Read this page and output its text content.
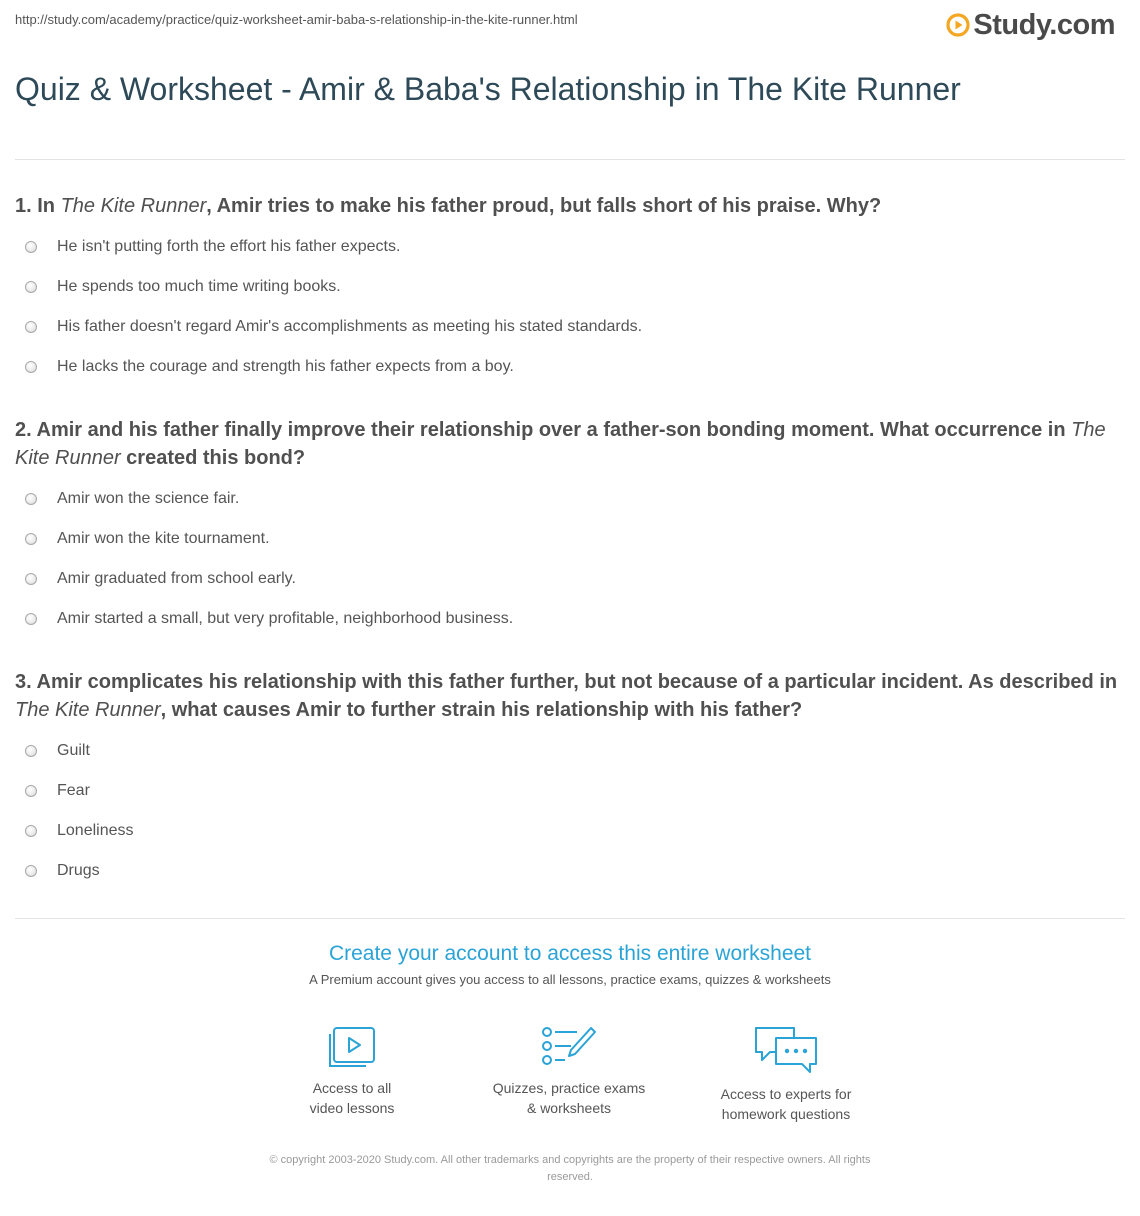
http://study.com/academy/practice/quiz-worksheet-amir-baba-s-relationship-in-the-kite-runner.html	Study.com
Quiz & Worksheet - Amir & Baba's Relationship in The Kite Runner

1. In The Kite Runner, Amir tries to make his father proud, but falls short of his praise. Why?

He isn't putting forth the effort his father expects.
He spends too much time writing books.
His father doesn't regard Amir's accomplishments as meeting his stated standards.
He lacks the courage and strength his father expects from a boy.

2. Amir and his father finally improve their relationship over a father-son bonding moment. What occurrence in The Kite Runner created this bond?

Amir won the science fair.
Amir won the kite tournament.
Amir graduated from school early.
Amir started a small, but very profitable, neighborhood business.

3. Amir complicates his relationship with this father further, but not because of a particular incident. As described in The Kite Runner, what causes Amir to further strain his relationship with his father?

Guilt
Fear
Loneliness
Drugs

Create your account to access this entire worksheet

A Premium account gives you access to all lessons, practice exams, quizzes & worksheets
Access to all
video lessons
Quizzes, practice exams
& worksheets
Access to experts for
homework questions
© copyright 2003-2020 Study.com. All other trademarks and copyrights are the property of their respective owners. All rights
reserved.
